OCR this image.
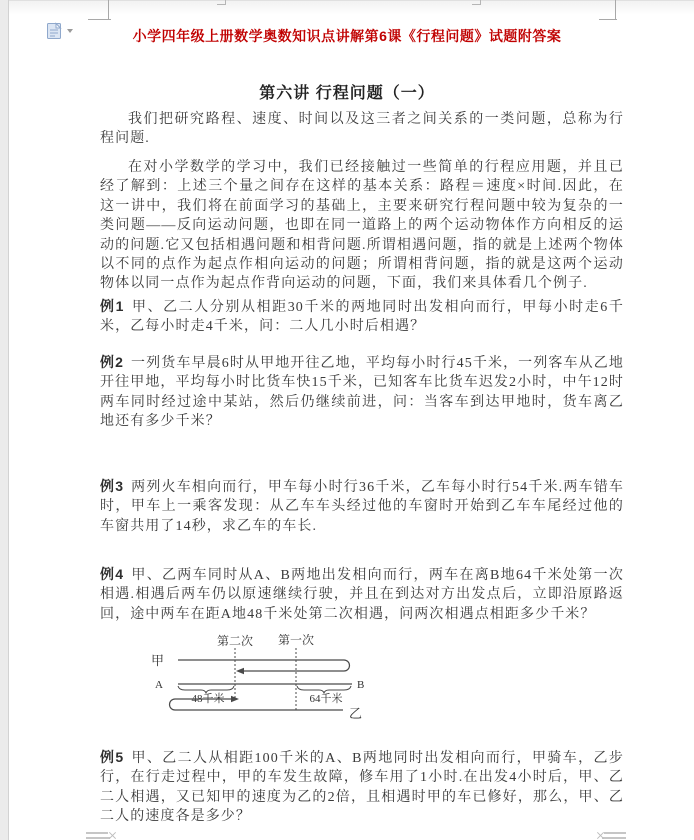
小学四年级上册数学奥数知识点讲解第6课《行程问题》试题附答案
第六讲 行程问题（一）

我们把研究路程、速度、时间以及这三者之间关系的一类问题，总称为行程问题.

在对小学数学的学习中，我们已经接触过一些简单的行程应用题，并且已经了解到：上述三个量之间存在这样的基本关系：路程＝速度×时间.因此，在这一讲中，我们将在前面学习的基础上，主要来研究行程问题中较为复杂的一类问题——反向运动问题，也即在同一道路上的两个运动物体作方向相反的运动的问题.它又包括相遇问题和相背问题.所谓相遇问题，指的就是上述两个物体以不同的点作为起点作相向运动的问题；所谓相背问题，指的就是这两个运动物体以同一点作为起点作背向运动的问题，下面，我们来具体看几个例子.

例1 甲、乙二人分别从相距30千米的两地同时出发相向而行，甲每小时走6千米，乙每小时走4千米，问：二人几小时后相遇？

例2 一列货车早晨6时从甲地开往乙地，平均每小时行45千米，一列客车从乙地开往甲地，平均每小时比货车快15千米，已知客车比货车迟发2小时，中午12时两车同时经过途中某站，然后仍继续前进，问：当客车到达甲地时，货车离乙地还有多少千米？

例3 两列火车相向而行，甲车每小时行36千米，乙车每小时行54千米.两车错车时，甲车上一乘客发现：从乙车车头经过他的车窗时开始到乙车车尾经过他的车窗共用了14秒，求乙车的车长.

例4 甲、乙两车同时从A、B两地出发相向而行，两车在离B地64千米处第一次相遇.相遇后两车仍以原速继续行驶，并且在到达对方出发点后，立即沿原路返回，途中两车在距A地48千米处第二次相遇，问两次相遇点相距多少千米？

第二次 第一次
甲
A	B
48千米	64千米
乙

例5 甲、乙二人从相距100千米的A、B两地同时出发相向而行，甲骑车，乙步行，在行走过程中，甲的车发生故障，修车用了1小时.在出发4小时后，甲、乙二人相遇，又已知甲的速度为乙的2倍，且相遇时甲的车已修好，那么，甲、乙二人的速度各是多少？
